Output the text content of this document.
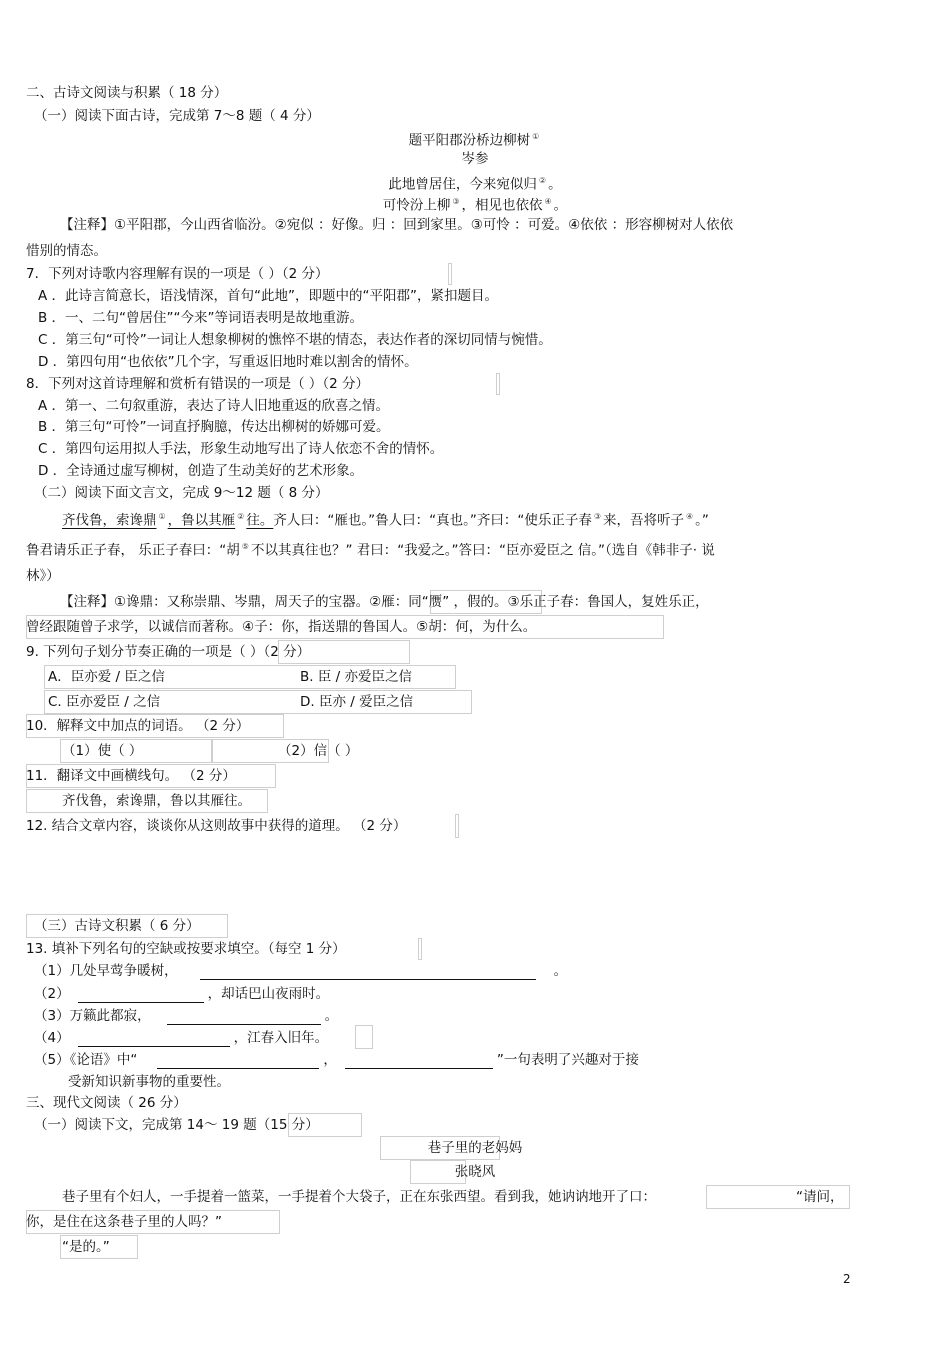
二、古诗文阅读与积累（ 18 分）
（一）阅读下面古诗，完成第 7～8 题（ 4 分）
题平阳郡汾桥边柳树 ①
岑参
此地曾居住，今来宛似归 ② 。
可怜汾上柳 ③ ，相见也依依 ④ 。
【注释】①平阳郡，今山西省临汾。②宛似 ：好像。归 ：回到家里。③可怜 ：可爱。④依依 ：形容柳树对人依依
惜别的情态。
7．下列对诗歌内容理解有误的一项是（ ）（2 分）
A ．此诗言简意长，语浅情深，首句“此地”，即题中的“平阳郡”，紧扣题目。
B ．一、二句“曾居住”“今来”等词语表明是故地重游。
C ．第三句“可怜”一词让人想象柳树的憔悴不堪的情态，表达作者的深切同情与惋惜。
D ．第四句用“也依依”几个字，写重返旧地时难以割舍的情怀。
8．下列对这首诗理解和赏析有错误的一项是（ ）（2 分）
A ．第一、二句叙重游，表达了诗人旧地重返的欣喜之情。
B ．第三句“可怜”一词直抒胸臆，传达出柳树的娇娜可爱。
C ．第四句运用拟人手法，形象生动地写出了诗人依恋不舍的情怀。
D ．全诗通过虚写柳树，创造了生动美好的艺术形象。
（二）阅读下面文言文，完成 9～12 题（ 8 分）
齐伐鲁，索谗鼎 ① ，鲁以其雁 ② 往。齐人曰：“雁也。”鲁人曰：“真也。”齐曰：“使乐正子春 ③ 来，吾将听子 ④ 。”
鲁君请乐正子春， 乐正子春曰：“胡 ⑤ 不以其真往也？” 君曰：“我爱之。”答曰：“臣亦爱臣之 信。”（选自《韩非子· 说
林》）
【注释】①谗鼎：又称崇鼎、岑鼎，周天子的宝器。②雁：同“赝” ，假的。③乐正子春：鲁国人，复姓乐正，
曾经跟随曾子求学，以诚信而著称。④子：你，指送鼎的鲁国人。⑤胡：何，为什么。
9. 下列句子划分节奏正确的一项是（ ）（2 分）
A．臣亦爱 / 臣之信	B. 臣 / 亦爱臣之信
C. 臣亦爱臣 / 之信	D. 臣亦 / 爱臣之信
10．解释文中加点的词语。 （2 分）
（1）使（ ）	（2）信（ ）
11．翻译文中画横线句。 （2 分）
齐伐鲁，索谗鼎，鲁以其雁往。
12. 结合文章内容，谈谈你从这则故事中获得的道理。 （2 分）
（三）古诗文积累（ 6 分）
13. 填补下列名句的空缺或按要求填空。（每空 1 分）
（1）几处早莺争暖树，	。
（2）	，却话巴山夜雨时。
（3）万籁此都寂，	。
（4）	，江春入旧年。
（5）《论语》中“	，	”一句表明了兴趣对于接
受新知识新事物的重要性。
三、现代文阅读（ 26 分）
（一）阅读下文，完成第 14～ 19 题（15 分）
巷子里的老妈妈
张晓风
巷子里有个妇人，一手提着一篮菜，一手提着个大袋子，正在东张西望。看到我，她讷讷地开了口：	“请问，
你，是住在这条巷子里的人吗？”
“是的。”
2
